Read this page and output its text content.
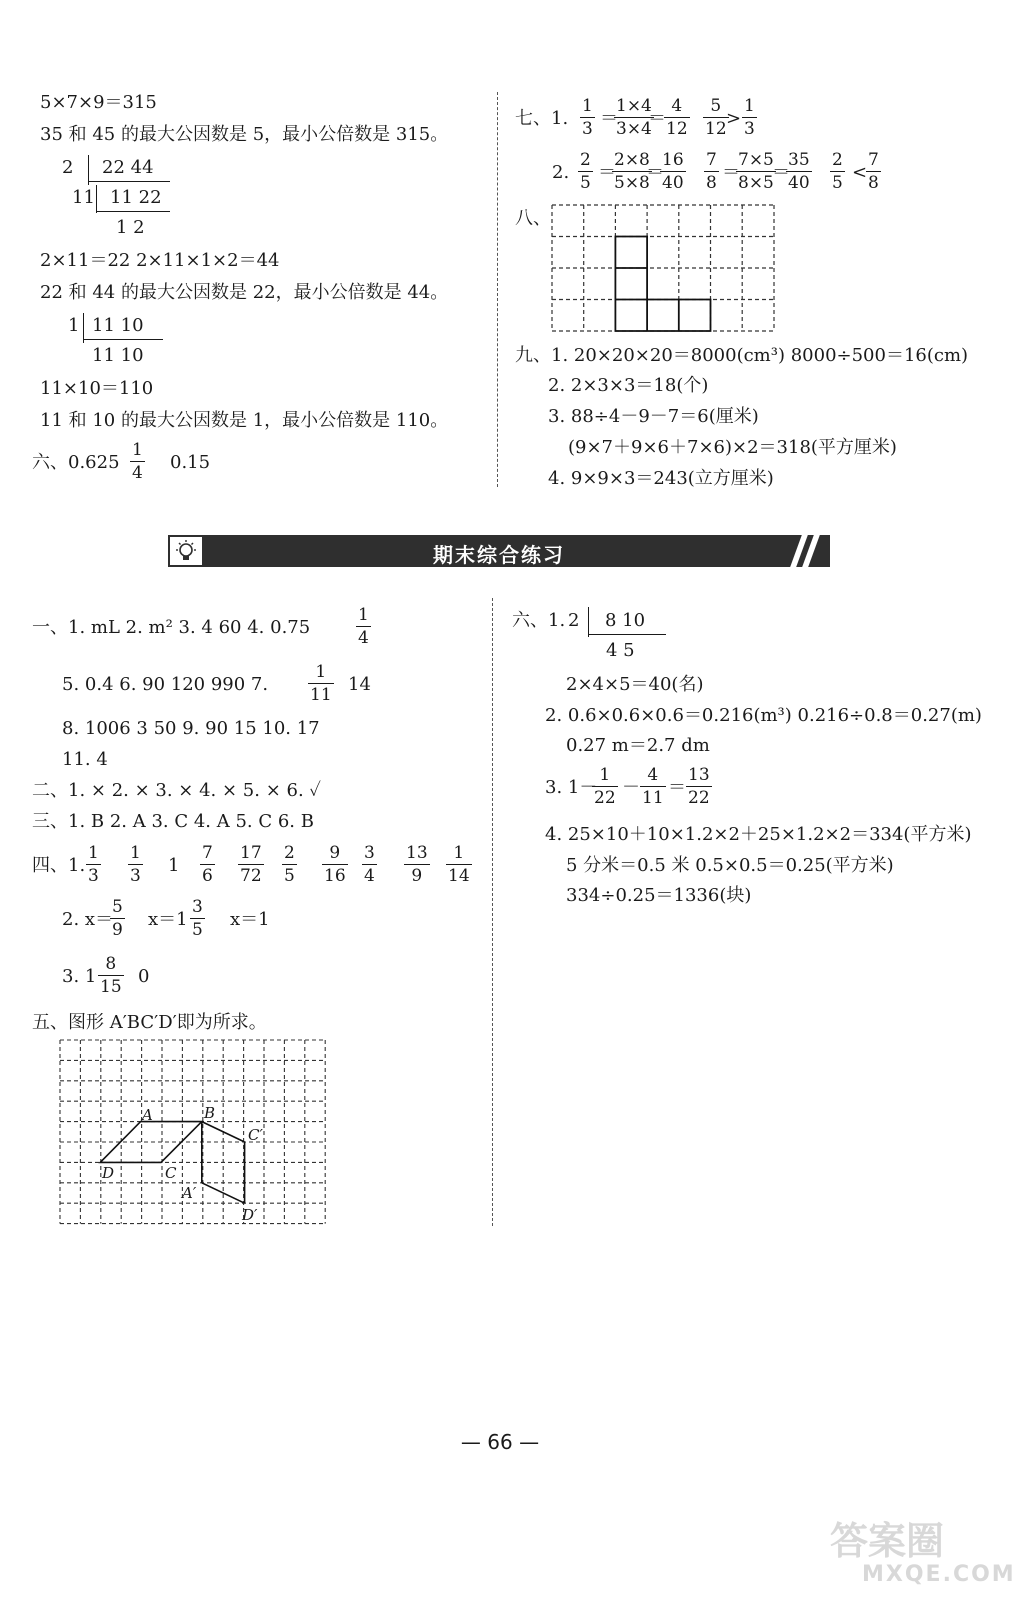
5×7×9＝315
35 和 45 的最大公因数是 5，最小公倍数是 315。
2 22 44
11 11 22
1 2
2×11＝22 2×11×1×2＝44
22 和 44 的最大公因数是 22，最小公倍数是 44。
1 11 10
11 10
11×10＝110
11 和 10 的最大公因数是 1，最小公倍数是 110。
六、0.625
1
4 0.15
七、1.
1
3
1×4
3×4
4
12
5
12
1
3
＝ ＝	>
2.
2
5
2×8
5×8
16
40
7
8
7×5
8×5
35
40
2
5
7
8
＝ ＝	＝ ＝	<
八、
九、1. 20×20×20＝8000(cm³) 8000÷500＝16(cm)
2. 2×3×3＝18(个)
3. 88÷4－9－7＝6(厘米)
(9×7＋9×6＋7×6)×2＝318(平方厘米)
4. 9×9×3＝243(立方厘米)
期末综合练习
一、1. mL 2. m² 3. 4 60 4. 0.75
1
4
5. 0.4 6. 90 120 990 7.
1
11 14
8. 1006 3 50 9. 90 15 10. 17
11. 4
二、1. × 2. × 3. × 4. × 5. × 6. ✓
三、1. B 2. A 3. C 4. A 5. C 6. B
四、1.
1
3
1
3 1
7
6
17
72
2
5
9
16
3
4
13
9
1
14
2. x＝
5
9 x＝1
3
5 x＝1
3. 1
8
15 0
五、图形 A′BC′D′即为所求。
A	B
C
D
A′
C′
D′
六、1. 2 8 10
4 5
2×4×5＝40(名)
2. 0.6×0.6×0.6＝0.216(m³) 0.216÷0.8＝0.27(m)
0.27 m＝2.7 dm
3. 1－
1
22
4
11
13
22
－ ＝
4. 25×10＋10×1.2×2＋25×1.2×2＝334(平方米)
5 分米＝0.5 米 0.5×0.5＝0.25(平方米)
334÷0.25＝1336(块)
— 66 —
答案圈
MXQE.COM
